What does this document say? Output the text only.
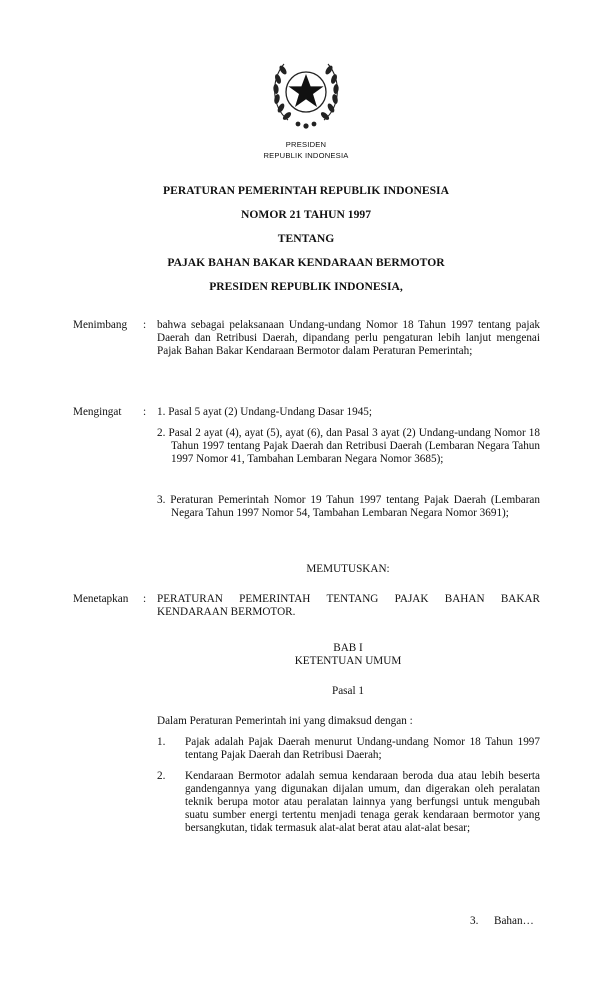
PRESIDEN
REPUBLIK INDONESIA
PERATURAN PEMERINTAH REPUBLIK INDONESIA
NOMOR 21 TAHUN 1997
TENTANG
PAJAK BAHAN BAKAR KENDARAAN BERMOTOR
PRESIDEN REPUBLIK INDONESIA,
Menimbang	: bahwa sebagai pelaksanaan Undang-undang Nomor 18 Tahun 1997 tentang pajak Daerah dan Retribusi Daerah, dipandang perlu pengaturan lebih lanjut mengenai Pajak Bahan Bakar Kendaraan Bermotor dalam Peraturan Pemerintah;
Mengingat	: 1. Pasal 5 ayat (2) Undang-Undang Dasar 1945;
2. Pasal 2 ayat (4), ayat (5), ayat (6), dan Pasal 3 ayat (2) Undang-undang Nomor 18 Tahun 1997 tentang Pajak Daerah dan Retribusi Daerah (Lembaran Negara Tahun 1997 Nomor 41, Tambahan Lembaran Negara Nomor 3685);
3. Peraturan Pemerintah Nomor 19 Tahun 1997 tentang Pajak Daerah (Lembaran Negara Tahun 1997 Nomor 54, Tambahan Lembaran Negara Nomor 3691);
MEMUTUSKAN:
Menetapkan	: PERATURAN PEMERINTAH TENTANG PAJAK BAHAN BAKAR KENDARAAN BERMOTOR.
BAB I
KETENTUAN UMUM
Pasal 1
Dalam Peraturan Pemerintah ini yang dimaksud dengan :
1. Pajak adalah Pajak Daerah menurut Undang-undang Nomor 18 Tahun 1997 tentang Pajak Daerah dan Retribusi Daerah;
2. Kendaraan Bermotor adalah semua kendaraan beroda dua atau lebih beserta gandengannya yang digunakan dijalan umum, dan digerakan oleh peralatan teknik berupa motor atau peralatan lainnya yang berfungsi untuk mengubah suatu sumber energi tertentu menjadi tenaga gerak kendaraan bermotor yang bersangkutan, tidak termasuk alat-alat berat atau alat-alat besar;
3.	Bahan…
